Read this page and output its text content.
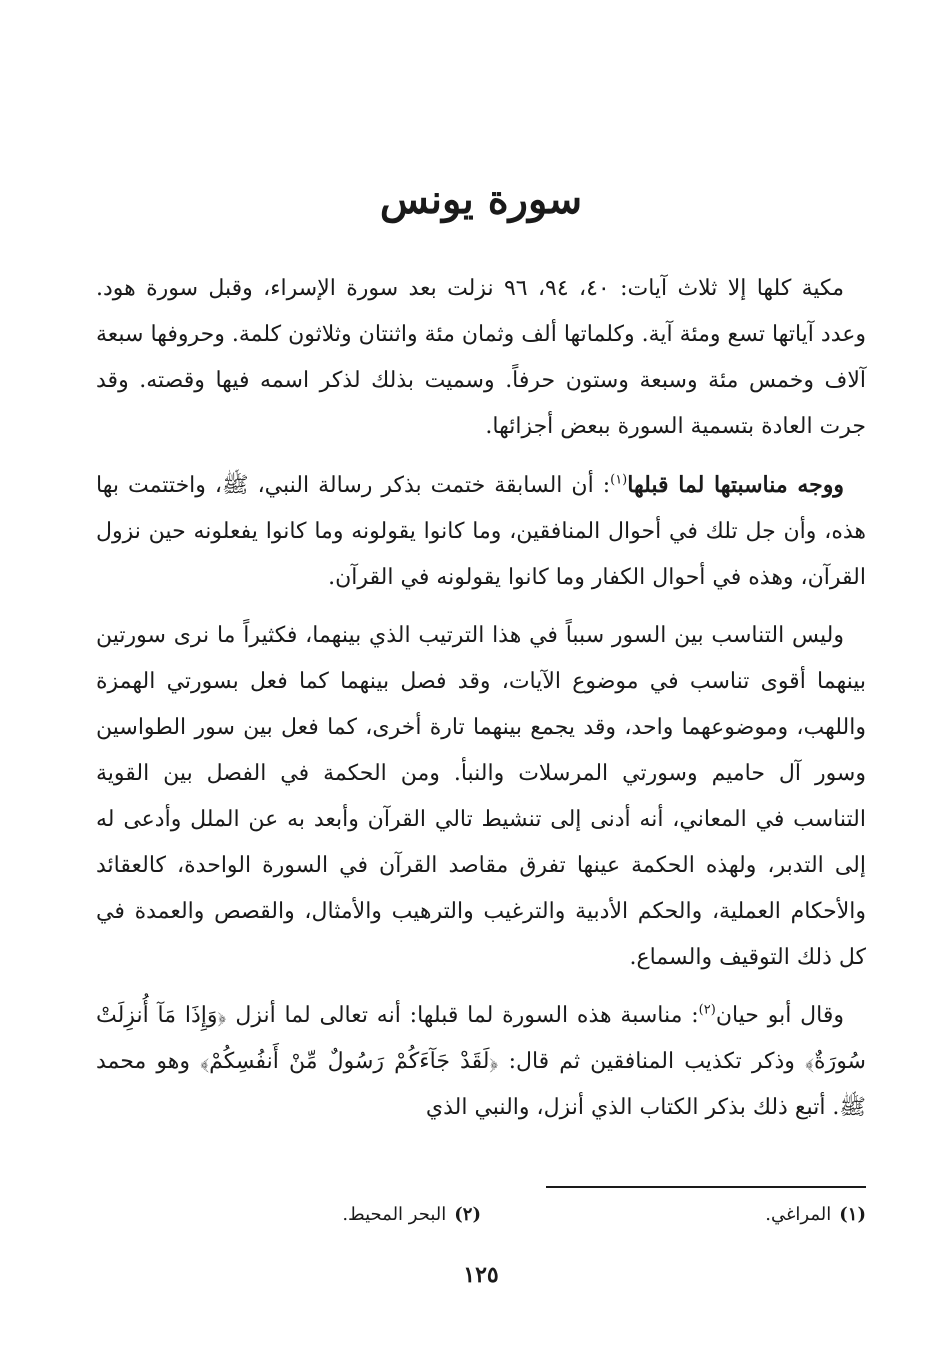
سورة يونس

مكية كلها إلا ثلاث آيات: ٤٠، ٩٤، ٩٦ نزلت بعد سورة الإسراء، وقبل سورة هود. وعدد آياتها تسع ومئة آية. وكلماتها ألف وثمان مئة واثنتان وثلاثون كلمة. وحروفها سبعة آلاف وخمس مئة وسبعة وستون حرفاً. وسميت بذلك لذكر اسمه فيها وقصته. وقد جرت العادة بتسمية السورة ببعض أجزائها.

ووجه مناسبتها لما قبلها$^{(١)}$: أن السابقة ختمت بذكر رسالة النبي، ﷺ، واختتمت بها هذه، وأن جل تلك في أحوال المنافقين، وما كانوا يقولونه وما كانوا يفعلونه حين نزول القرآن، وهذه في أحوال الكفار وما كانوا يقولونه في القرآن.

وليس التناسب بين السور سبباً في هذا الترتيب الذي بينهما، فكثيراً ما نرى سورتين بينهما أقوى تناسب في موضوع الآيات، وقد فصل بينهما كما فعل بسورتي الهمزة واللهب، وموضوعهما واحد، وقد يجمع بينهما تارة أخرى، كما فعل بين سور الطواسين وسور آل حاميم وسورتي المرسلات والنبأ. ومن الحكمة في الفصل بين القوية التناسب في المعاني، أنه أدنى إلى تنشيط تالي القرآن وأبعد به عن الملل وأدعى له إلى التدبر، ولهذه الحكمة عينها تفرق مقاصد القرآن في السورة الواحدة، كالعقائد والأحكام العملية، والحكم الأدبية والترغيب والترهيب والأمثال، والقصص والعمدة في كل ذلك التوقيف والسماع.

وقال أبو حيان$^{(٢)}$: مناسبة هذه السورة لما قبلها: أنه تعالى لما أنزل ﴿وَإِذَا مَآ أُنزِلَتْ سُورَةٌ﴾ وذكر تكذيب المنافقين ثم قال: ﴿لَقَدْ جَآءَكُمْ رَسُولٌ مِّنْ أَنفُسِكُمْ﴾ وهو محمد ﷺ. أتبع ذلك بذكر الكتاب الذي أنزل، والنبي الذي

(١)
المراغي.
(٢)
البحر المحيط.
١٢٥
